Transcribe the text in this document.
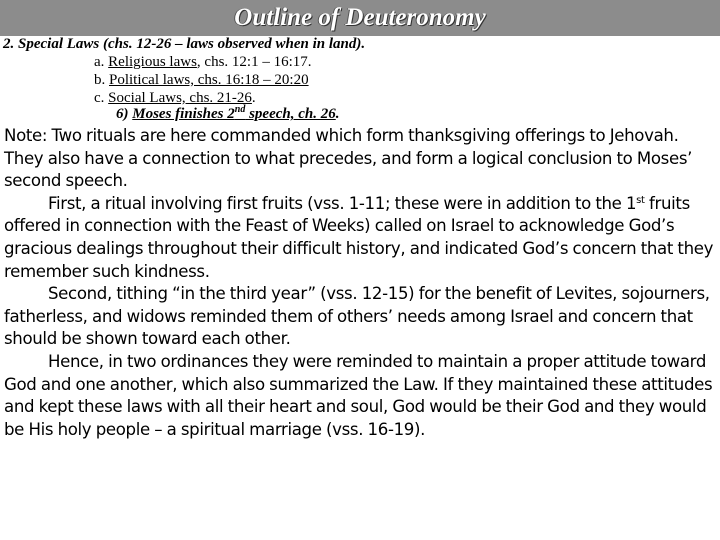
Outline of Deuteronomy
2. Special Laws (chs. 12-26 – laws observed when in land).
a. Religious laws, chs. 12:1 – 16:17.
b. Political laws, chs. 16:18 – 20:20
c. Social Laws, chs. 21-26.
6) Moses finishes 2nd speech, ch. 26.

Note: Two rituals are here commanded which form thanksgiving offerings to Jehovah. They also have a connection to what precedes, and form a logical conclusion to Moses’ second speech.

First, a ritual involving first fruits (vss. 1-11; these were in addition to the 1st fruits offered in connection with the Feast of Weeks) called on Israel to acknowledge God’s gracious dealings throughout their difficult history, and indicated God’s concern that they remember such kindness.

Second, tithing “in the third year” (vss. 12-15) for the benefit of Levites, sojourners, fatherless, and widows reminded them of others’ needs among Israel and concern that should be shown toward each other.

Hence, in two ordinances they were reminded to maintain a proper attitude toward God and one another, which also summarized the Law. If they maintained these attitudes and kept these laws with all their heart and soul, God would be their God and they would be His holy people – a spiritual marriage (vss. 16-19).
